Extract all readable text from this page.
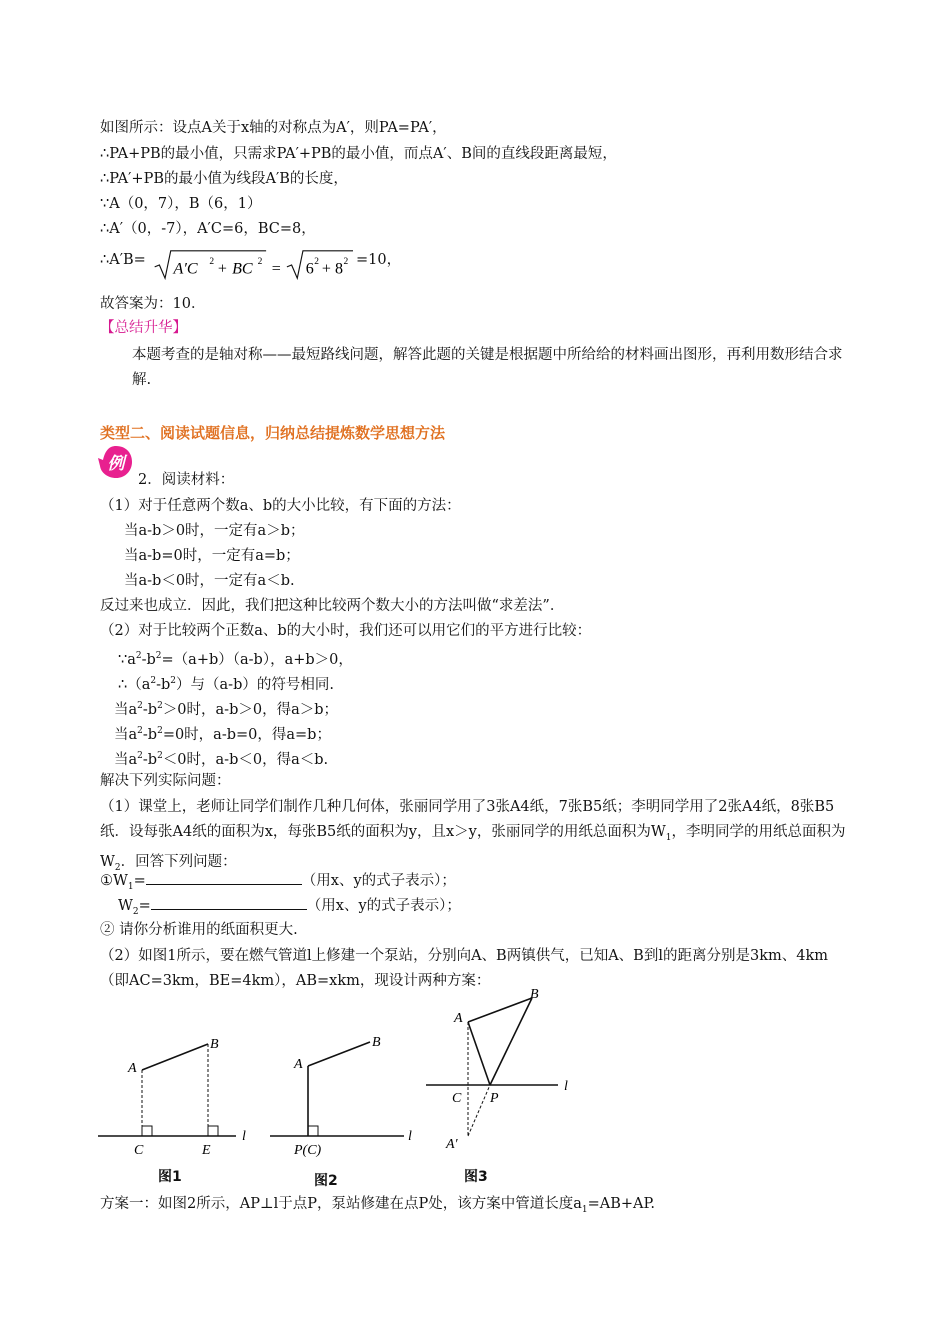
如图所示：设点A关于x轴的对称点为A′，则PA=PA′，
∴PA+PB的最小值，只需求PA′+PB的最小值，而点A′、B间的直线段距离最短，
∴PA′+PB的最小值为线段A′B的长度，
∵A（0，7），B（6，1）
∴A′（0，-7），A′C=6，BC=8，
∴A′B=
A′C 2 + BC 2 = 6 2 + 8 2 =10，
故答案为：10．
【总结升华】
本题考查的是轴对称——最短路线问题，解答此题的关键是根据题中所给给的材料画出图形，再利用数形结合求解.
类型二、阅读试题信息，归纳总结提炼数学思想方法
例
2．阅读材料：
（1）对于任意两个数a、b的大小比较，有下面的方法：
当a-b＞0时，一定有a＞b；
当a-b=0时，一定有a=b；
当a-b＜0时，一定有a＜b.
反过来也成立．因此，我们把这种比较两个数大小的方法叫做“求差法”．
（2）对于比较两个正数a、b的大小时，我们还可以用它们的平方进行比较：
$\because a^2-b^2=(a+b)(a-b)$，a+b＞0，
$\therefore(a^2-b^2)$与（a-b）的符号相同.
当$a^2-b^2>0$时，a-b＞0，得a＞b；
当$a^2-b^2=0$时，a-b=0，得a=b；
当$a^2-b^2<0$时，a-b＜0，得a＜b.
解决下列实际问题：
（1）课堂上，老师让同学们制作几种几何体，张丽同学用了3张A4纸，7张B5纸；李明同学用了2张A4纸，8张B5纸．设每张A4纸的面积为x，每张B5纸的面积为y，且x＞y，张丽同学的用纸总面积为$W_1$，李明同学的用纸总面积为$W_2$．回答下列问题：
$①W_1=$	（用x、y的式子表示）；
$W_2=$	（用x、y的式子表示）；
② 请你分析谁用的纸面积更大.
（2）如图1所示，要在燃气管道l上修建一个泵站，分别向A、B两镇供气，已知A、B到l的距离分别是3km、4km（即AC=3km，BE=4km），AB=xkm，现设计两种方案：
A
B
C	E
l
图1
A
B
P(C)
l
图2
A
B
C P
A′
l
图3
方案一：如图2所示，AP⊥l于点P，泵站修建在点P处，该方案中管道长度$a_1=AB+AP$.
